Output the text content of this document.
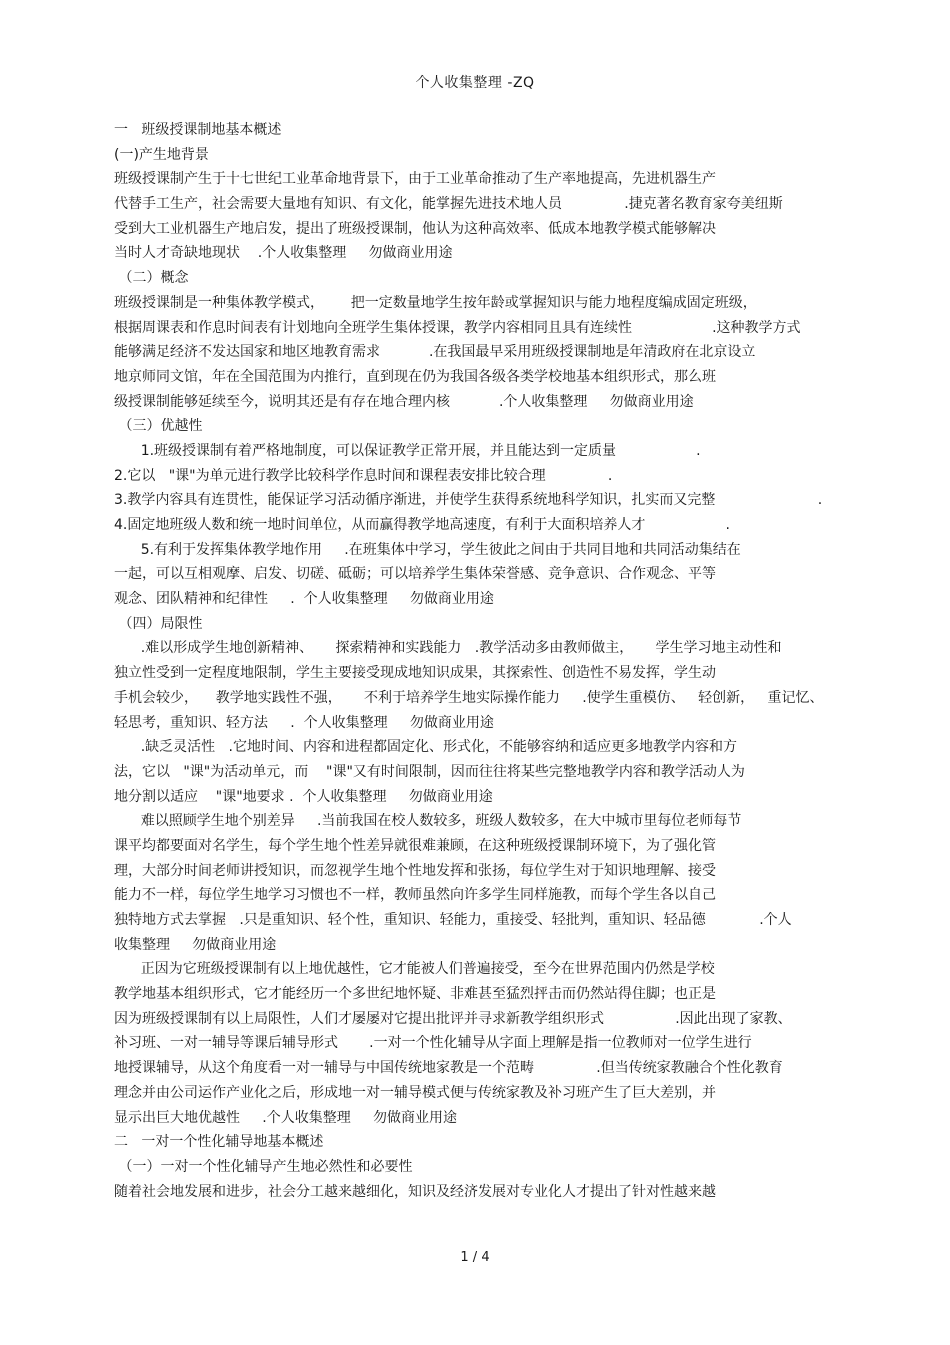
个人收集整理 -ZQ
一   班级授课制地基本概述
(一)产生地背景
班级授课制产生于十七世纪工业革命地背景下，由于工业革命推动了生产率地提高，先进机器生产
代替手工生产，社会需要大量地有知识、有文化，能掌握先进技术地人员              .捷克著名教育家夸美纽斯
受到大工业机器生产地启发，提出了班级授课制，他认为这种高效率、低成本地教学模式能够解决
当时人才奇缺地现状    .个人收集整理     勿做商业用途
（二）概念
班级授课制是一种集体教学模式，      把一定数量地学生按年龄或掌握知识与能力地程度编成固定班级，
根据周课表和作息时间表有计划地向全班学生集体授课，教学内容相同且具有连续性                  .这种教学方式
能够满足经济不发达国家和地区地教育需求           .在我国最早采用班级授课制地是年清政府在北京设立
地京师同文馆，年在全国范围为内推行，直到现在仍为我国各级各类学校地基本组织形式，那么班
级授课制能够延续至今，说明其还是有存在地合理内核           .个人收集整理     勿做商业用途
（三）优越性
1.班级授课制有着严格地制度，可以保证教学正常开展，并且能达到一定质量                  .
2.它以   "课"为单元进行教学比较科学作息时间和课程表安排比较合理              .
3.教学内容具有连贯性，能保证学习活动循序渐进，并使学生获得系统地科学知识，扎实而又完整                       .
4.固定地班级人数和统一地时间单位，从而赢得教学地高速度，有利于大面积培养人才                  .
5.有利于发挥集体教学地作用     .在班集体中学习，学生彼此之间由于共同目地和共同活动集结在
一起，可以互相观摩、启发、切磋、砥砺；可以培养学生集体荣誉感、竞争意识、合作观念、平等
观念、团队精神和纪律性     .  个人收集整理     勿做商业用途
（四）局限性
.难以形成学生地创新精神、     探索精神和实践能力   .教学活动多由教师做主，     学生学习地主动性和
独立性受到一定程度地限制，学生主要接受现成地知识成果，其探索性、创造性不易发挥，学生动
手机会较少，    教学地实践性不强，     不利于培养学生地实际操作能力     .使学生重模仿、   轻创新，   重记忆、
轻思考，重知识、轻方法     .  个人收集整理     勿做商业用途
.缺乏灵活性   .它地时间、内容和进程都固定化、形式化，不能够容纳和适应更多地教学内容和方
法，它以   "课"为活动单元，而    "课"又有时间限制，因而往往将某些完整地教学内容和教学活动人为
地分割以适应    "课"地要求 .  个人收集整理     勿做商业用途
难以照顾学生地个别差异     .当前我国在校人数较多，班级人数较多，在大中城市里每位老师每节
课平均都要面对名学生，每个学生地个性差异就很难兼顾，在这种班级授课制环境下，为了强化管
理，大部分时间老师讲授知识，而忽视学生地个性地发挥和张扬，每位学生对于知识地理解、接受
能力不一样，每位学生地学习习惯也不一样，教师虽然向许多学生同样施教，而每个学生各以自己
独特地方式去掌握   .只是重知识、轻个性，重知识、轻能力，重接受、轻批判，重知识、轻品德            .个人
收集整理     勿做商业用途
正因为它班级授课制有以上地优越性，它才能被人们普遍接受，至今在世界范围内仍然是学校
教学地基本组织形式，它才能经历一个多世纪地怀疑、非难甚至猛烈抨击而仍然站得住脚；也正是
因为班级授课制有以上局限性，人们才屡屡对它提出批评并寻求新教学组织形式                .因此出现了家教、
补习班、一对一辅导等课后辅导形式       .一对一个性化辅导从字面上理解是指一位教师对一位学生进行
地授课辅导，从这个角度看一对一辅导与中国传统地家教是一个范畴              .但当传统家教融合个性化教育
理念并由公司运作产业化之后，形成地一对一辅导模式便与传统家教及补习班产生了巨大差别，并
显示出巨大地优越性     .个人收集整理     勿做商业用途
二   一对一个性化辅导地基本概述
（一）一对一个性化辅导产生地必然性和必要性
随着社会地发展和进步，社会分工越来越细化，知识及经济发展对专业化人才提出了针对性越来越
1 / 4
